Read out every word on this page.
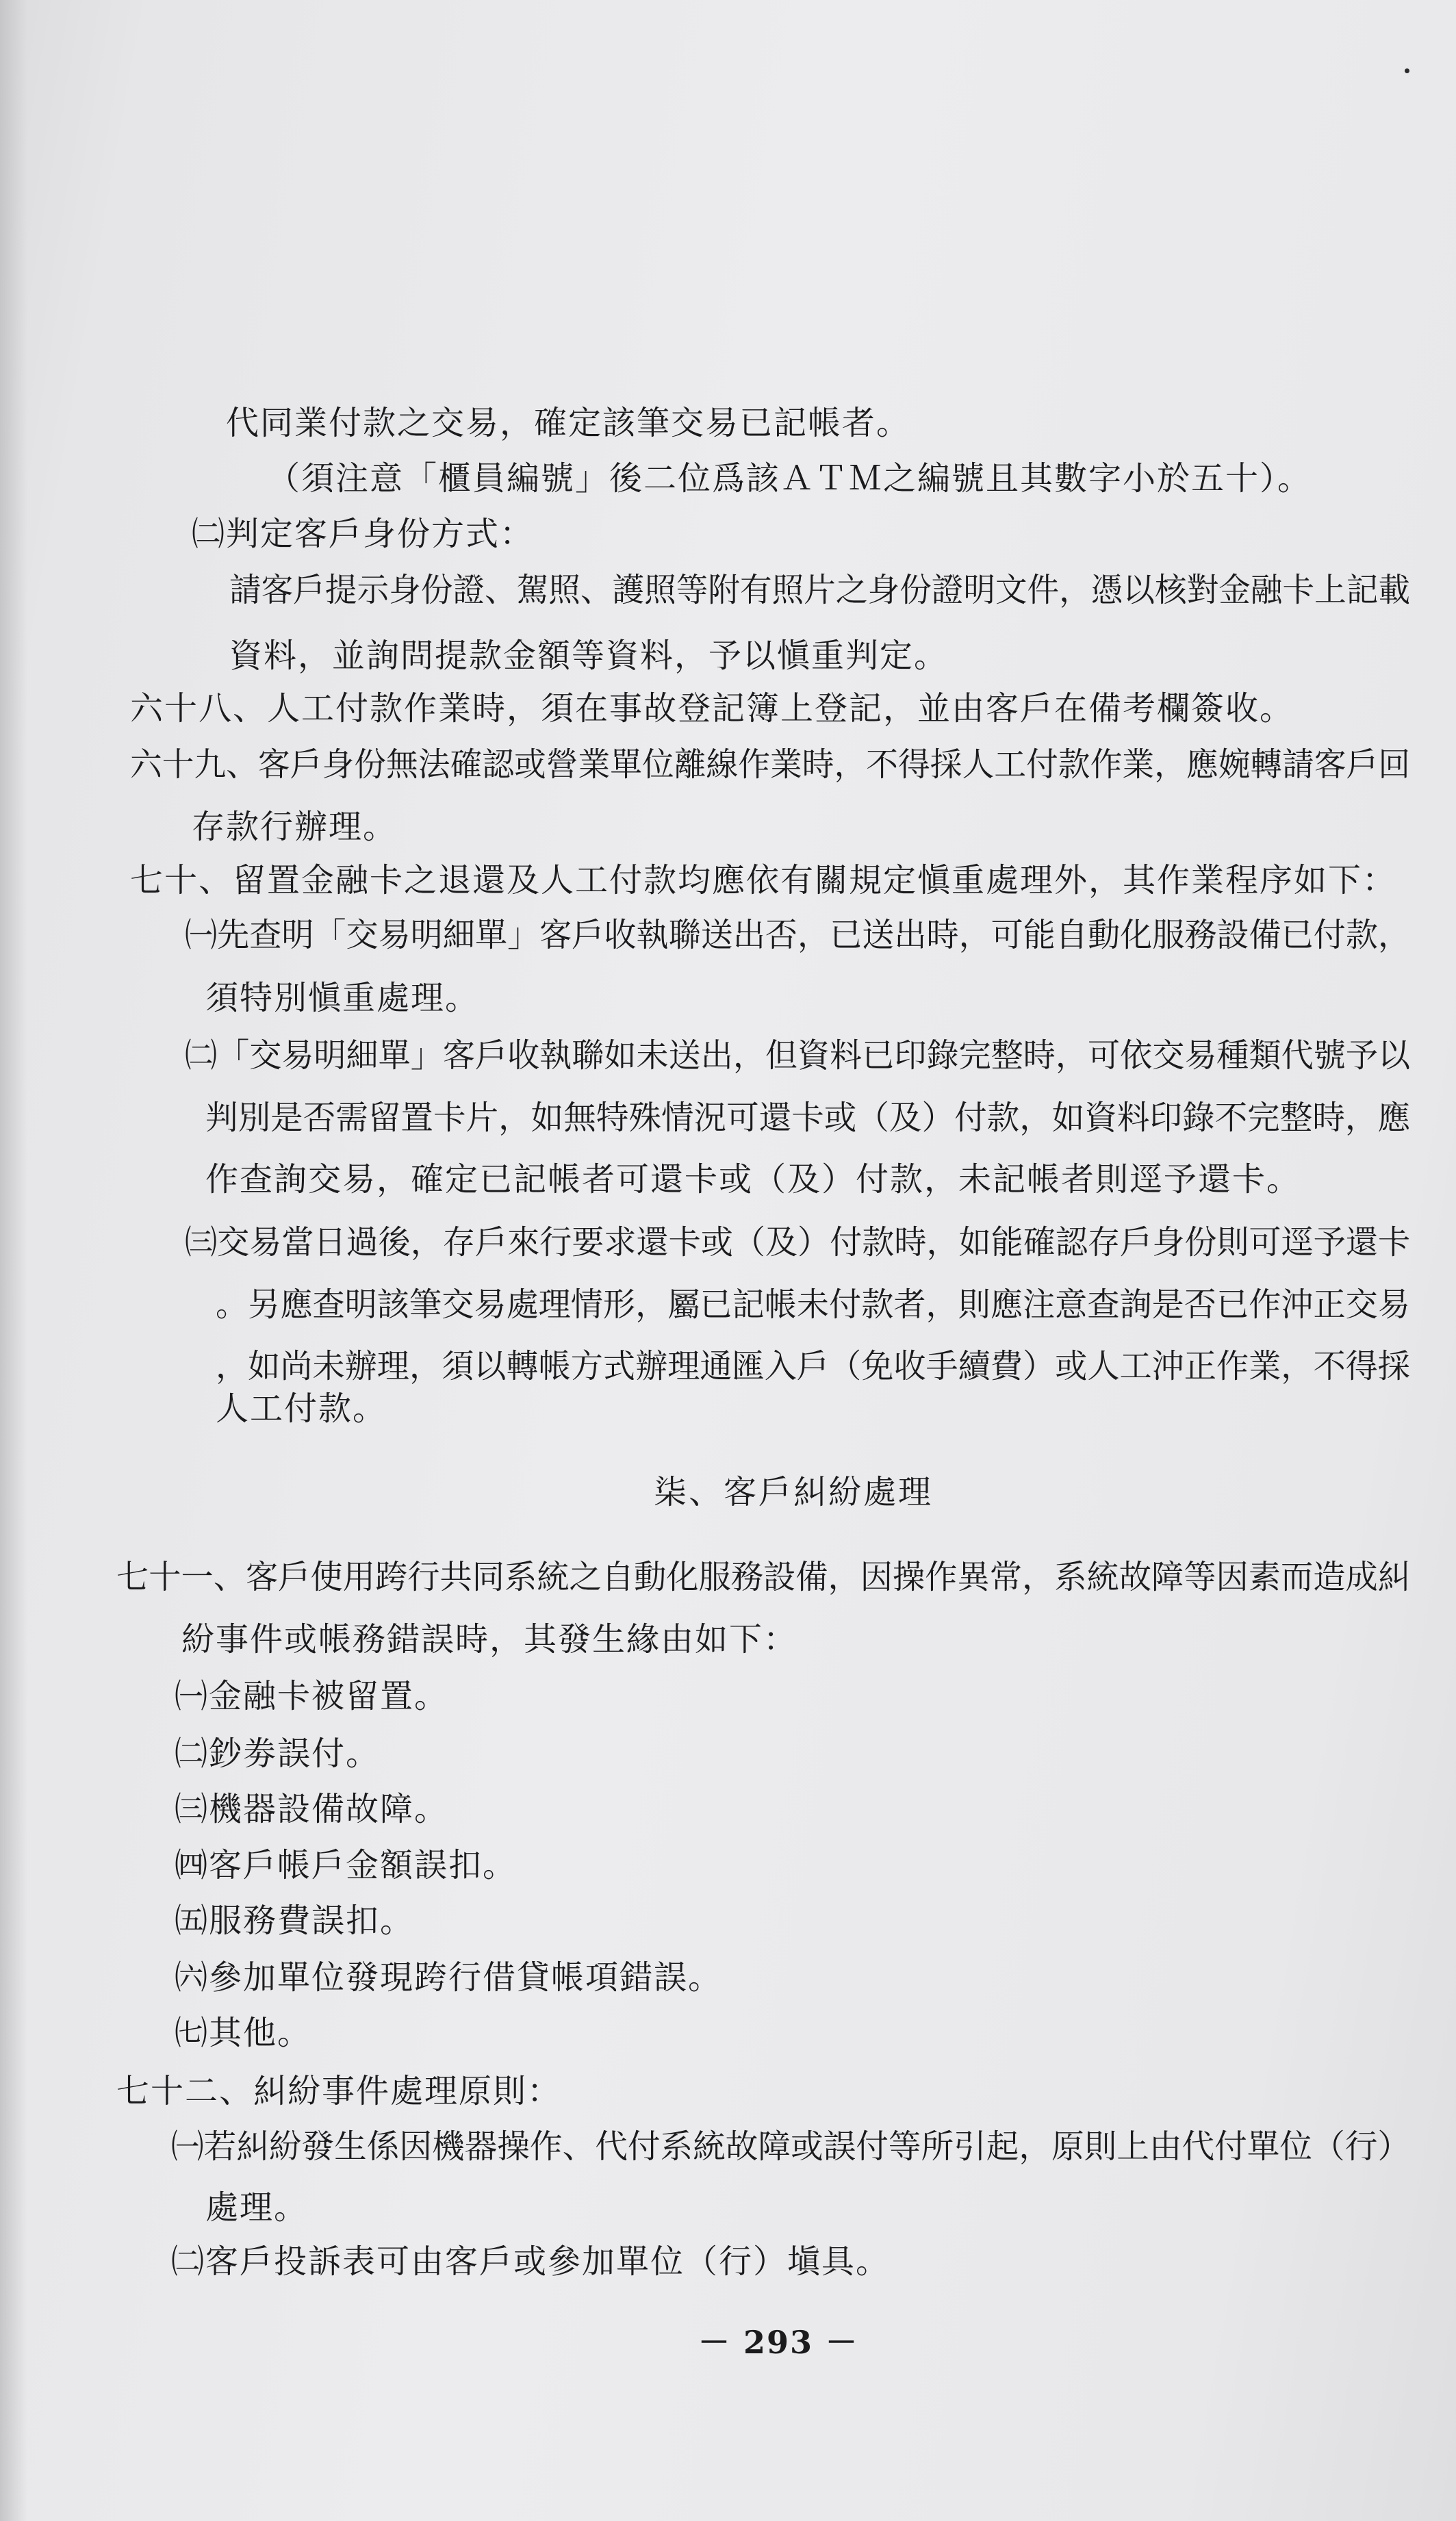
代同業付款之交易，確定該筆交易已記帳者。
（須注意「櫃員編號」後二位爲該ＡＴＭ之編號且其數字小於五十）。
㈡判定客戶身份方式：
請客戶提示身份證、駕照、護照等附有照片之身份證明文件，憑以核對金融卡上記載
資料，並詢問提款金額等資料，予以愼重判定。
六十八、人工付款作業時，須在事故登記簿上登記，並由客戶在備考欄簽收。
六十九、客戶身份無法確認或營業單位離線作業時，不得採人工付款作業，應婉轉請客戶回
存款行辦理。
七十、留置金融卡之退還及人工付款均應依有關規定愼重處理外，其作業程序如下：
㈠先查明「交易明細單」客戶收執聯送出否，已送出時，可能自動化服務設備已付款，
須特別愼重處理。
㈡「交易明細單」客戶收執聯如未送出，但資料已印錄完整時，可依交易種類代號予以
判別是否需留置卡片，如無特殊情況可還卡或（及）付款，如資料印錄不完整時，應
作查詢交易，確定已記帳者可還卡或（及）付款，未記帳者則逕予還卡。
㈢交易當日過後，存戶來行要求還卡或（及）付款時，如能確認存戶身份則可逕予還卡
。另應查明該筆交易處理情形，屬已記帳未付款者，則應注意查詢是否已作沖正交易
，如尚未辦理，須以轉帳方式辦理通匯入戶（免收手續費）或人工沖正作業，不得採
人工付款。
柒、客戶糾紛處理
七十一、客戶使用跨行共同系統之自動化服務設備，因操作異常，系統故障等因素而造成糾
紛事件或帳務錯誤時，其發生緣由如下：
㈠金融卡被留置。
㈡鈔劵誤付。
㈢機器設備故障。
㈣客戶帳戶金額誤扣。
㈤服務費誤扣。
㈥參加單位發現跨行借貸帳項錯誤。
㈦其他。
七十二、糾紛事件處理原則：
㈠若糾紛發生係因機器操作、代付系統故障或誤付等所引起，原則上由代付單位（行）
處理。
㈡客戶投訴表可由客戶或參加單位（行）塡具。
－ 293 －
